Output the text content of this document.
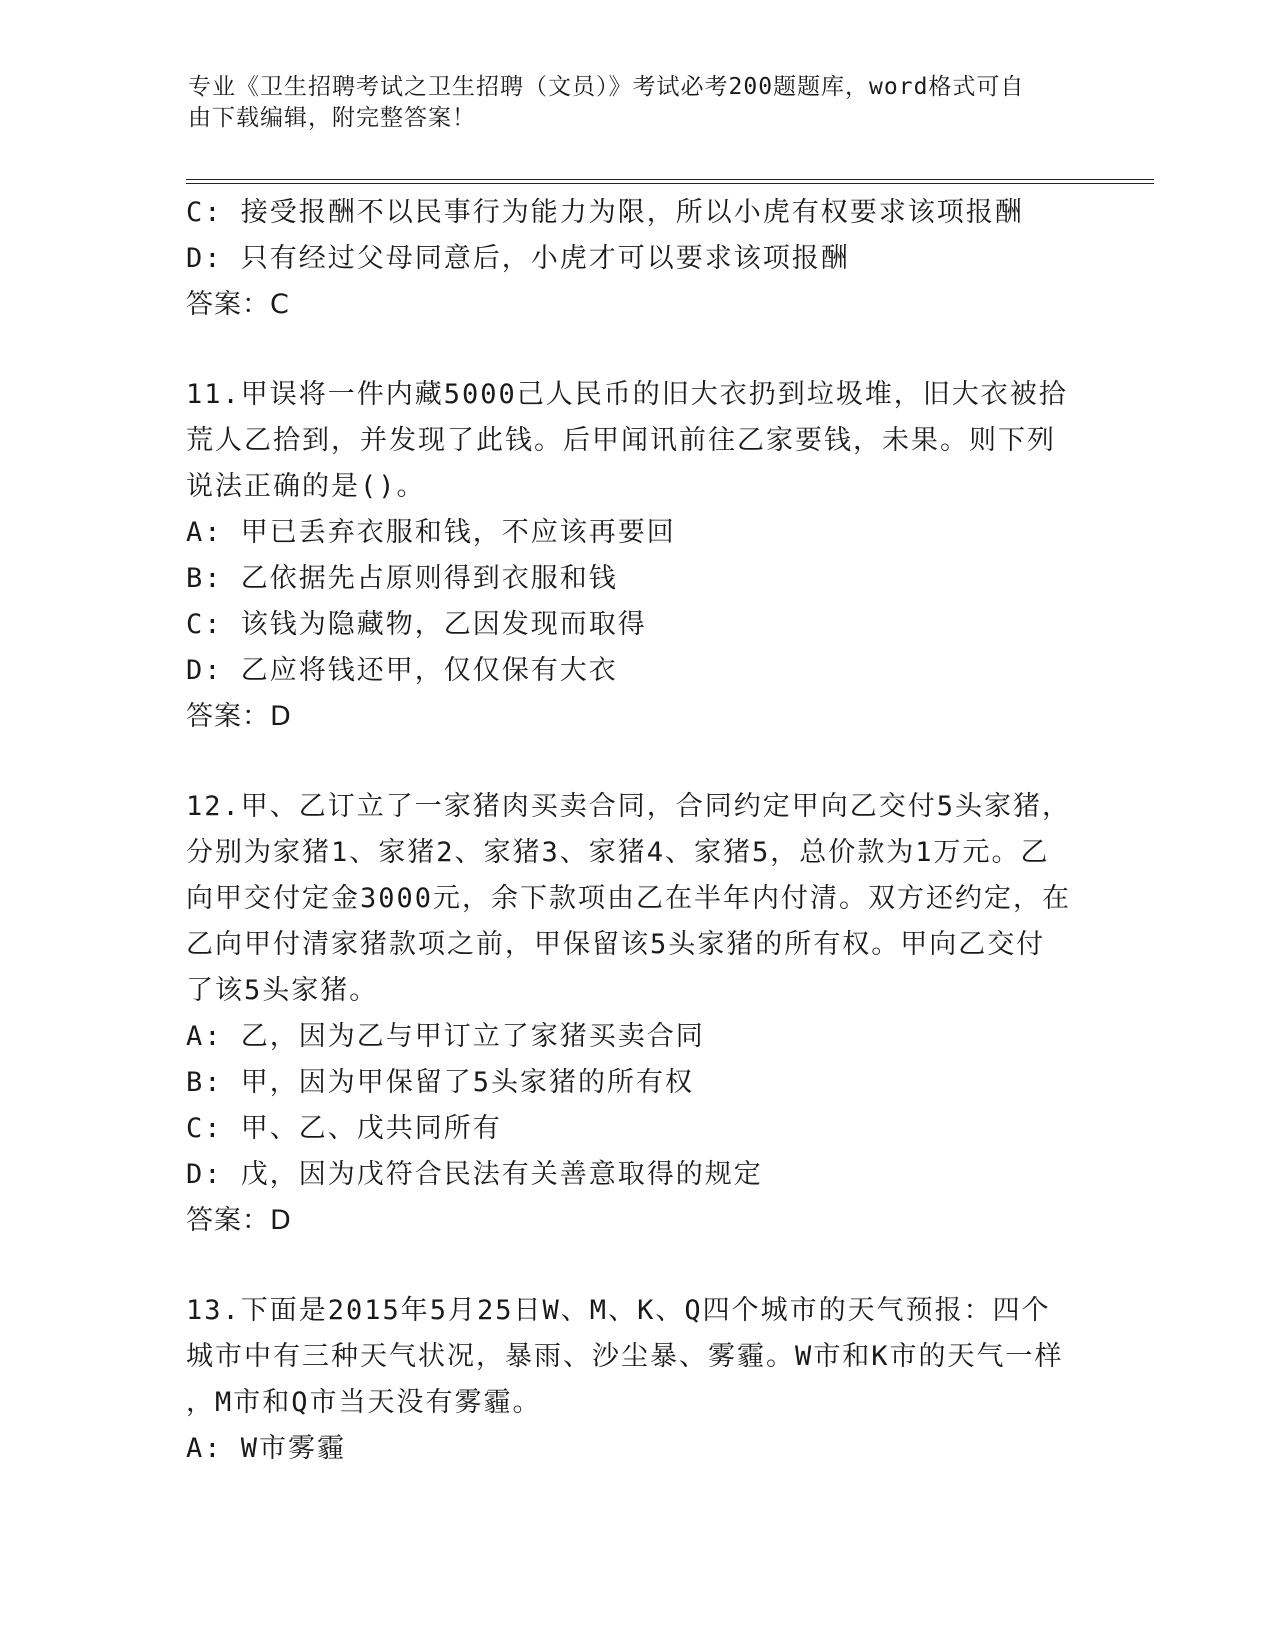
专业《卫生招聘考试之卫生招聘（文员）》考试必考200题题库，word格式可自
由下载编辑，附完整答案！
C: 接受报酬不以民事行为能力为限，所以小虎有权要求该项报酬
D: 只有经过父母同意后，小虎才可以要求该项报酬
答案：C
11.甲误将一件内藏5000己人民币的旧大衣扔到垃圾堆，旧大衣被拾
荒人乙拾到，并发现了此钱。后甲闻讯前往乙家要钱，未果。则下列
说法正确的是()。
A: 甲已丢弃衣服和钱，不应该再要回
B: 乙依据先占原则得到衣服和钱
C: 该钱为隐藏物，乙因发现而取得
D: 乙应将钱还甲，仅仅保有大衣
答案：D
12.甲、乙订立了一家猪肉买卖合同，合同约定甲向乙交付5头家猪，
分别为家猪1、家猪2、家猪3、家猪4、家猪5，总价款为1万元。乙
向甲交付定金3000元，余下款项由乙在半年内付清。双方还约定，在
乙向甲付清家猪款项之前，甲保留该5头家猪的所有权。甲向乙交付
了该5头家猪。
A: 乙，因为乙与甲订立了家猪买卖合同
B: 甲，因为甲保留了5头家猪的所有权
C: 甲、乙、戊共同所有
D: 戊，因为戊符合民法有关善意取得的规定
答案：D
13.下面是2015年5月25日W、M、K、Q四个城市的天气预报：四个
城市中有三种天气状况，暴雨、沙尘暴、雾霾。W市和K市的天气一样
，M市和Q市当天没有雾霾。
A: W市雾霾
